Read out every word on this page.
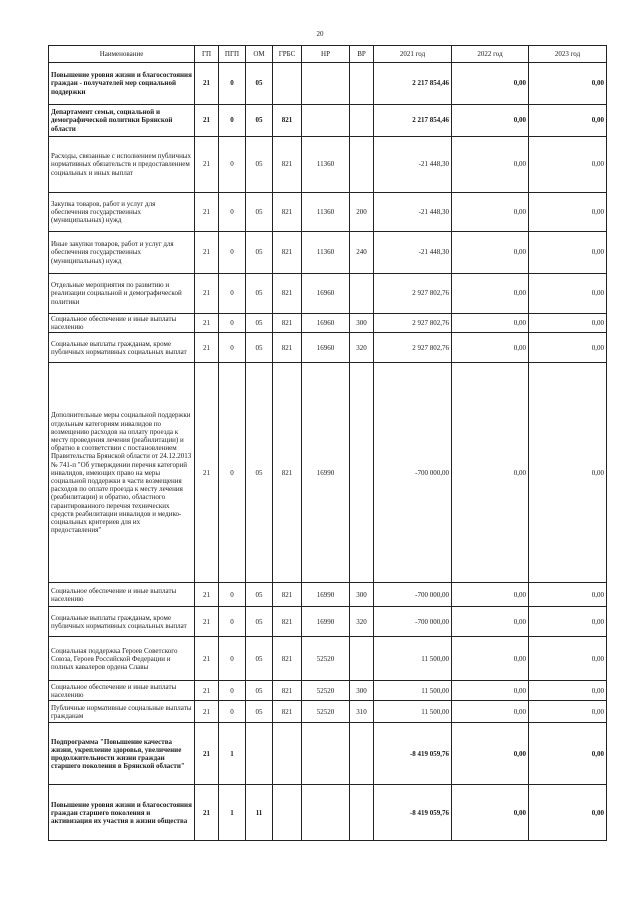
20
Наименование	ГП	ПГП	ОМ	ГРБС	НР	ВР	2021 год	2022 год	2023 год
Повышение уровня жизни и благосостояния граждан - получателей мер социальной поддержки	21	0	05				2 217 854,46	0,00	0,00
Департамент семьи, социальной и демографической политики Брянской области	21	0	05	821			2 217 854,46	0,00	0,00
Расходы, связанные с исполнением публичных нормативных обязательств и предоставлением социальных и иных выплат	21	0	05	821	11360		-21 448,30	0,00	0,00
Закупка товаров, работ и услуг для обеспечения государственных (муниципальных) нужд	21	0	05	821	11360	200	-21 448,30	0,00	0,00
Иные закупки товаров, работ и услуг для обеспечения государственных (муниципальных) нужд	21	0	05	821	11360	240	-21 448,30	0,00	0,00
Отдельные мероприятия по развитию и реализации социальной и демографической политики	21	0	05	821	16960		2 927 802,76	0,00	0,00
Социальное обеспечение и иные выплаты населению	21	0	05	821	16960	300	2 927 802,76	0,00	0,00
Социальные выплаты гражданам, кроме публичных нормативных социальных выплат	21	0	05	821	16960	320	2 927 802,76	0,00	0,00
Дополнительные меры социальной поддержки отдельным категориям инвалидов по возмещению расходов на оплату проезда к месту проведения лечения (реабилитации) и обратно в соответствии с постановлением Правительства Брянской области от 24.12.2013 № 741-п "Об утверждении перечня категорий инвалидов, имеющих право на меры социальной поддержки в части возмещения расходов по оплате проезда к месту лечения (реабилитации) и обратно, областного гарантированного перечня технических средств реабилитации инвалидов и медико-социальных критериев для их предоставления"	21	0	05	821	16990		-700 000,00	0,00	0,00
Социальное обеспечение и иные выплаты населению	21	0	05	821	16990	300	-700 000,00	0,00	0,00
Социальные выплаты гражданам, кроме публичных нормативных социальных выплат	21	0	05	821	16990	320	-700 000,00	0,00	0,00
Социальная поддержка Героев Советского Союза, Героев Российской Федерации и полных кавалеров ордена Славы	21	0	05	821	52520		11 500,00	0,00	0,00
Социальное обеспечение и иные выплаты населению	21	0	05	821	52520	300	11 500,00	0,00	0,00
Публичные нормативные социальные выплаты гражданам	21	0	05	821	52520	310	11 500,00	0,00	0,00
Подпрограмма "Повышение качества жизни, укрепление здоровья, увеличение продолжительности жизни граждан старшего поколения в Брянской области"	21	1					-8 419 059,76	0,00	0,00
Повышение уровня жизни и благосостояния граждан старшего поколения и активизация их участия в жизни общества	21	1	11				-8 419 059,76	0,00	0,00
